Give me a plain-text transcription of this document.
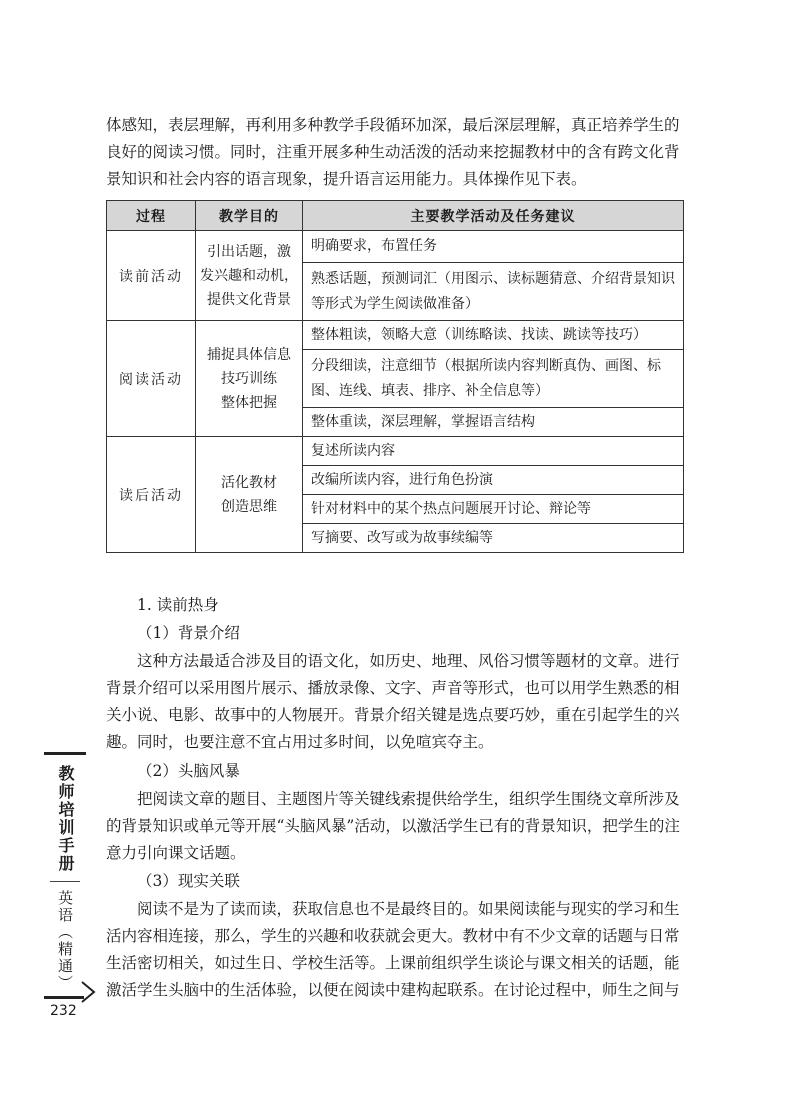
体感知，表层理解，再利用多种教学手段循环加深，最后深层理解，真正培养学生的良好的阅读习惯。同时，注重开展多种生动活泼的活动来挖掘教材中的含有跨文化背景知识和社会内容的语言现象，提升语言运用能力。具体操作见下表。

过程	教学目的	主要教学活动及任务建议
读前活动	引出话题，激
发兴趣和动机，
提供文化背景	明确要求，布置任务
		熟悉话题，预测词汇（用图示、读标题猜意、介绍背景知识等形式为学生阅读做准备）
阅读活动	捕捉具体信息
技巧训练
整体把握	整体粗读，领略大意（训练略读、找读、跳读等技巧）
		分段细读，注意细节（根据所读内容判断真伪、画图、标图、连线、填表、排序、补全信息等）
		整体重读，深层理解，掌握语言结构
读后活动	活化教材
创造思维	复述所读内容
		改编所读内容，进行角色扮演
		针对材料中的某个热点问题展开讨论、辩论等
		写摘要、改写或为故事续编等

1. 读前热身

（1）背景介绍

这种方法最适合涉及目的语文化，如历史、地理、风俗习惯等题材的文章。进行背景介绍可以采用图片展示、播放录像、文字、声音等形式，也可以用学生熟悉的相关小说、电影、故事中的人物展开。背景介绍关键是选点要巧妙，重在引起学生的兴趣。同时，也要注意不宜占用过多时间，以免喧宾夺主。

（2）头脑风暴

把阅读文章的题目、主题图片等关键线索提供给学生，组织学生围绕文章所涉及的背景知识或单元等开展“头脑风暴”活动，以激活学生已有的背景知识，把学生的注意力引向课文话题。

（3）现实关联

阅读不是为了读而读，获取信息也不是最终目的。如果阅读能与现实的学习和生活内容相连接，那么，学生的兴趣和收获就会更大。教材中有不少文章的话题与日常生活密切相关，如过生日、学校生活等。上课前组织学生谈论与课文相关的话题，能激活学生头脑中的生活体验，以便在阅读中建构起联系。在讨论过程中，师生之间与

教师培训手册
英语（精通）
232
